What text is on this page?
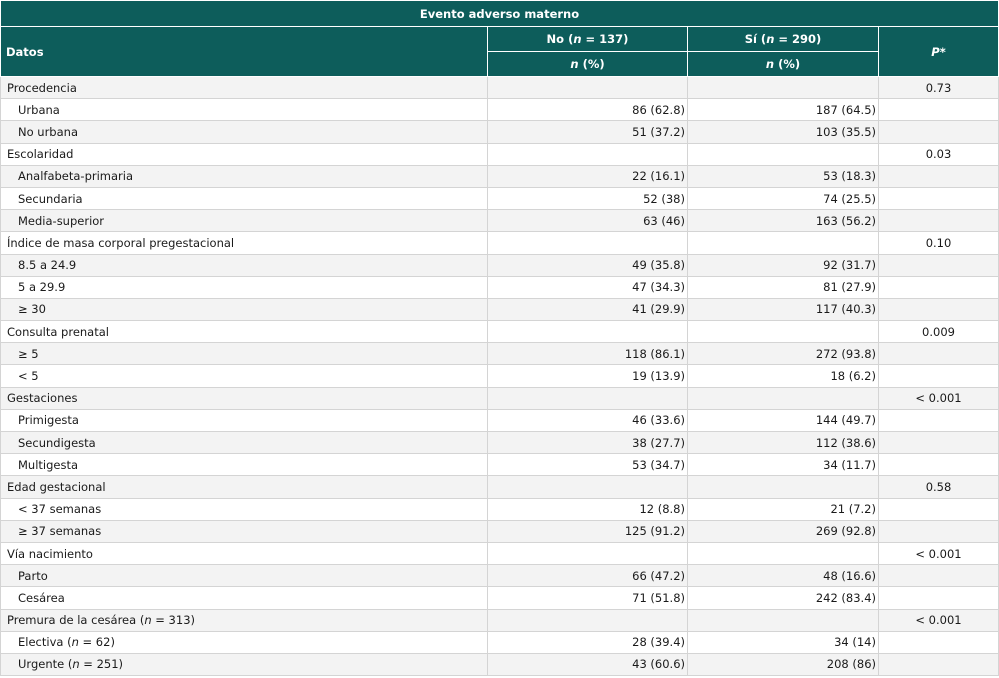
Evento adverso materno			
Datos	No (n = 137)	Sí (n = 290)	P*
	n (%)	n (%)	
Procedencia			0.73
Urbana	86 (62.8)	187 (64.5)	
No urbana	51 (37.2)	103 (35.5)	
Escolaridad			0.03
Analfabeta-primaria	22 (16.1)	53 (18.3)	
Secundaria	52 (38)	74 (25.5)	
Media-superior	63 (46)	163 (56.2)	
Índice de masa corporal pregestacional			0.10
8.5 a 24.9	49 (35.8)	92 (31.7)	
5 a 29.9	47 (34.3)	81 (27.9)	
≥ 30	41 (29.9)	117 (40.3)	
Consulta prenatal			0.009
≥ 5	118 (86.1)	272 (93.8)	
< 5	19 (13.9)	18 (6.2)	
Gestaciones			< 0.001
Primigesta	46 (33.6)	144 (49.7)	
Secundigesta	38 (27.7)	112 (38.6)	
Multigesta	53 (34.7)	34 (11.7)	
Edad gestacional			0.58
< 37 semanas	12 (8.8)	21 (7.2)	
≥ 37 semanas	125 (91.2)	269 (92.8)	
Vía nacimiento			< 0.001
Parto	66 (47.2)	48 (16.6)	
Cesárea	71 (51.8)	242 (83.4)	
Premura de la cesárea (n = 313)			< 0.001
Electiva (n = 62)	28 (39.4)	34 (14)	
Urgente (n = 251)	43 (60.6)	208 (86)	
